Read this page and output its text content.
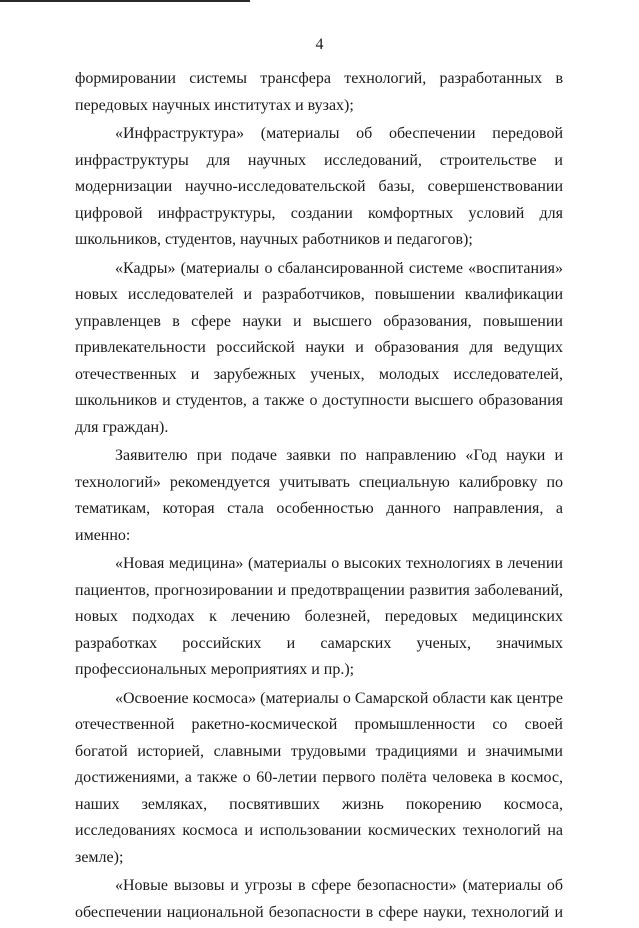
4

формировании системы трансфера технологий, разработанных в передовых научных институтах и вузах);

«Инфраструктура» (материалы об обеспечении передовой инфраструктуры для научных исследований, строительстве и модернизации научно-исследовательской базы, совершенствовании цифровой инфраструктуры, создании комфортных условий для школьников, студентов, научных работников и педагогов);

«Кадры» (материалы о сбалансированной системе «воспитания» новых исследователей и разработчиков, повышении квалификации управленцев в сфере науки и высшего образования, повышении привлекательности российской науки и образования для ведущих отечественных и зарубежных ученых, молодых исследователей, школьников и студентов, а также о доступности высшего образования для граждан).

Заявителю при подаче заявки по направлению «Год науки и технологий» рекомендуется учитывать специальную калибровку по тематикам, которая стала особенностью данного направления, а именно:

«Новая медицина» (материалы о высоких технологиях в лечении пациентов, прогнозировании и предотвращении развития заболеваний, новых подходах к лечению болезней, передовых медицинских разработках российских и самарских ученых, значимых профессиональных мероприятиях и пр.);

«Освоение космоса» (материалы о Самарской области как центре отечественной ракетно-космической промышленности со своей богатой историей, славными трудовыми традициями и значимыми достижениями, а также о 60-летии первого полёта человека в космос, наших земляках, посвятивших жизнь покорению космоса, исследованиях космоса и использовании космических технологий на земле);

«Новые вызовы и угрозы в сфере безопасности» (материалы об обеспечении национальной безопасности в сфере науки, технологий и
